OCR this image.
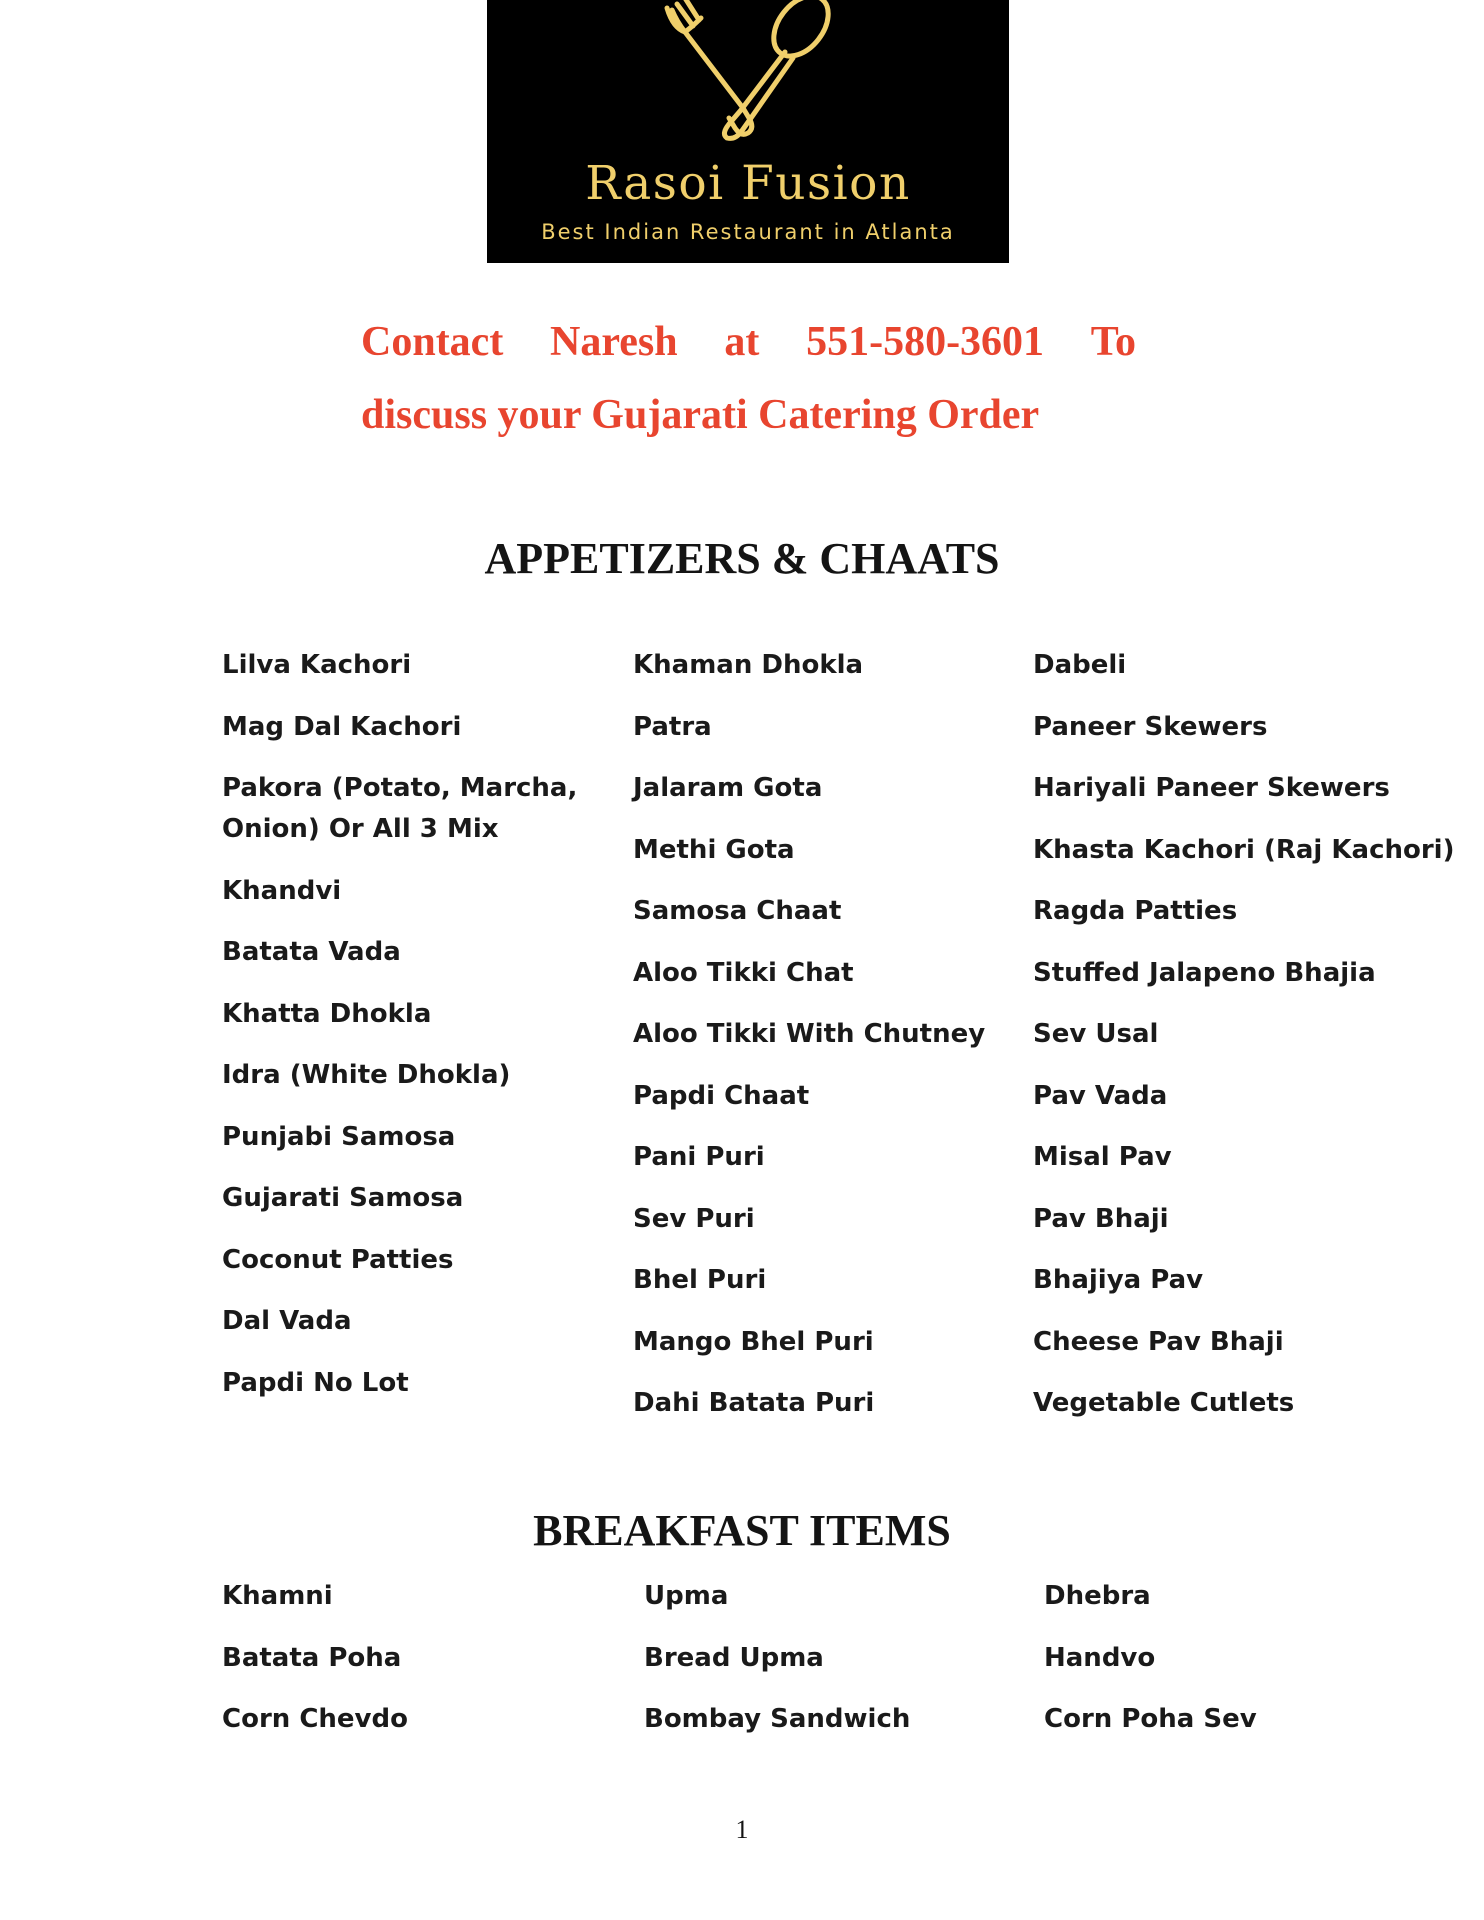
Rasoi Fusion
Best Indian Restaurant in Atlanta
Contact Naresh at 551-580-3601 To
discuss your Gujarati Catering Order
APPETIZERS & CHAATS
Lilva Kachori
Mag Dal Kachori
Pakora (Potato, Marcha, Onion) Or All 3 Mix
Khandvi
Batata Vada
Khatta Dhokla
Idra (White Dhokla)
Punjabi Samosa
Gujarati Samosa
Coconut Patties
Dal Vada
Papdi No Lot
Khaman Dhokla
Patra
Jalaram Gota
Methi Gota
Samosa Chaat
Aloo Tikki Chat
Aloo Tikki With Chutney
Papdi Chaat
Pani Puri
Sev Puri
Bhel Puri
Mango Bhel Puri
Dahi Batata Puri
Dabeli
Paneer Skewers
Hariyali Paneer Skewers
Khasta Kachori (Raj Kachori)
Ragda Patties
Stuffed Jalapeno Bhajia
Sev Usal
Pav Vada
Misal Pav
Pav Bhaji
Bhajiya Pav
Cheese Pav Bhaji
Vegetable Cutlets
BREAKFAST ITEMS
Khamni
Batata Poha
Corn Chevdo
Upma
Bread Upma
Bombay Sandwich
Dhebra
Handvo
Corn Poha Sev
1
